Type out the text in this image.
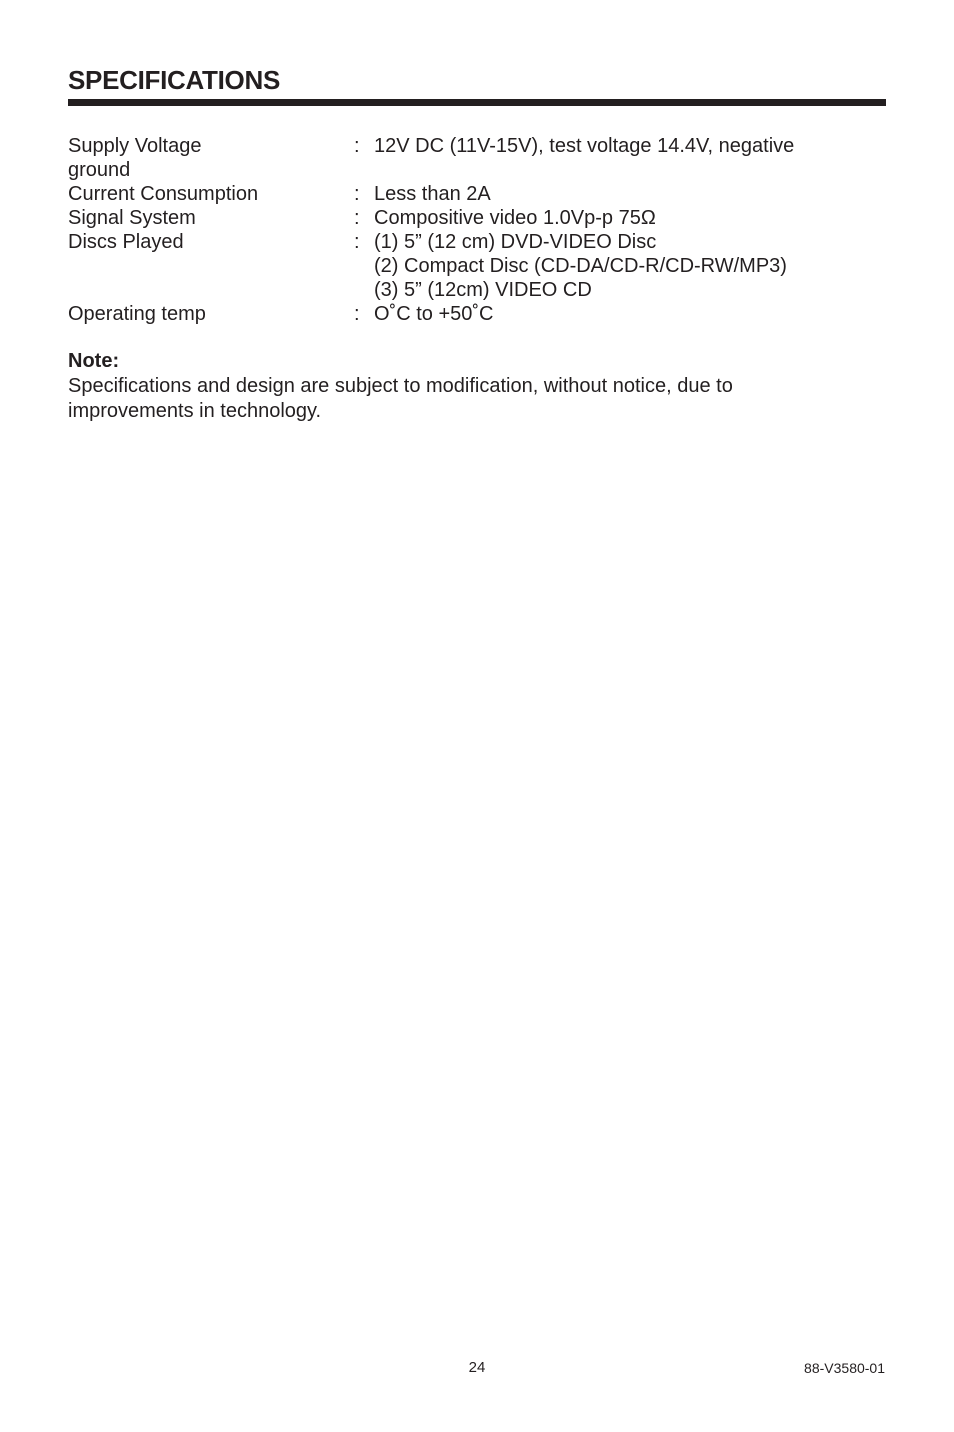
SPECIFICATIONS
Supply Voltage	: 12V DC (11V-15V), test voltage 14.4V, negative
ground
Current Consumption	: Less than 2A
Signal System	: Compositive video 1.0Vp-p 75Ω
Discs Played	: (1) 5” (12 cm) DVD-VIDEO Disc
(2) Compact Disc (CD-DA/CD-R/CD-RW/MP3)
(3) 5” (12cm) VIDEO CD
Operating temp	: O˚C to +50˚C
Note:
Specifications and design are subject to modification, without notice, due to improvements in technology.
24	88-V3580-01
